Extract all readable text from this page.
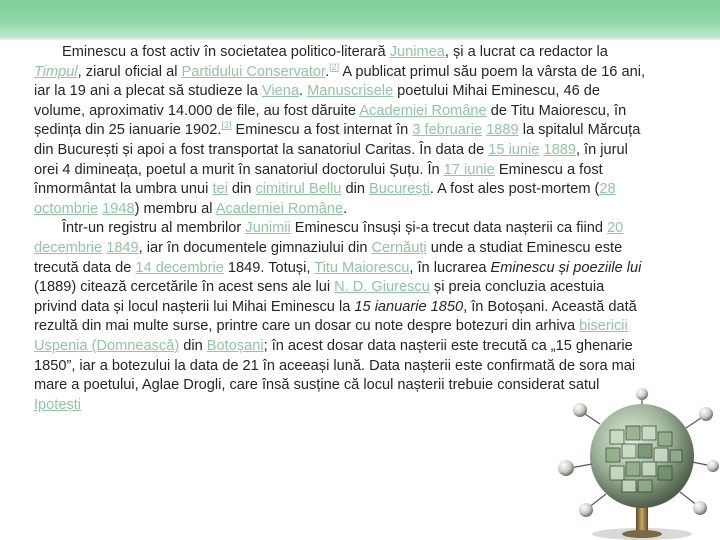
Eminescu a fost activ în societatea politico-literară Junimea, și a lucrat ca redactor la Timpul, ziarul oficial al Partidului Conservator.[2] A publicat primul său poem la vârsta de 16 ani, iar la 19 ani a plecat să studieze la Viena. Manuscrisele poetului Mihai Eminescu, 46 de volume, aproximativ 14.000 de file, au fost dăruite Academiei Române de Titu Maiorescu, în ședința din 25 ianuarie 1902.[3] Eminescu a fost internat în 3 februarie 1889 la spitalul Mărcuța din București și apoi a fost transportat la sanatoriul Caritas. În data de 15 iunie 1889, în jurul orei 4 dimineața, poetul a murit în sanatoriul doctorului Șuțu. În 17 iunie Eminescu a fost înmormântat la umbra unui tei din cimitirul Bellu din București. A fost ales post-mortem (28 octombrie 1948) membru al Academiei Române.

Într-un registru al membrilor Junimii Eminescu însuși și-a trecut data nașterii ca fiind 20 decembrie 1849, iar în documentele gimnaziului din Cernăuți unde a studiat Eminescu este trecută data de 14 decembrie 1849. Totuși, Titu Maiorescu, în lucrarea Eminescu și poeziile lui (1889) citează cercetările în acest sens ale lui N. D. Giurescu și preia concluzia acestuia privind data și locul nașterii lui Mihai Eminescu la 15 ianuarie 1850, în Botoșani. Această dată rezultă din mai multe surse, printre care un dosar cu note despre botezuri din arhiva bisericii Uspenia (Domnească) din Botoșani; în acest dosar data nașterii este trecută ca „15 ghenarie 1850”, iar a botezului la data de 21 în aceeași lună. Data nașterii este confirmată de sora mai mare a poetului, Aglae Drogli, care însă susține că locul nașterii trebuie considerat satul Ipotești
